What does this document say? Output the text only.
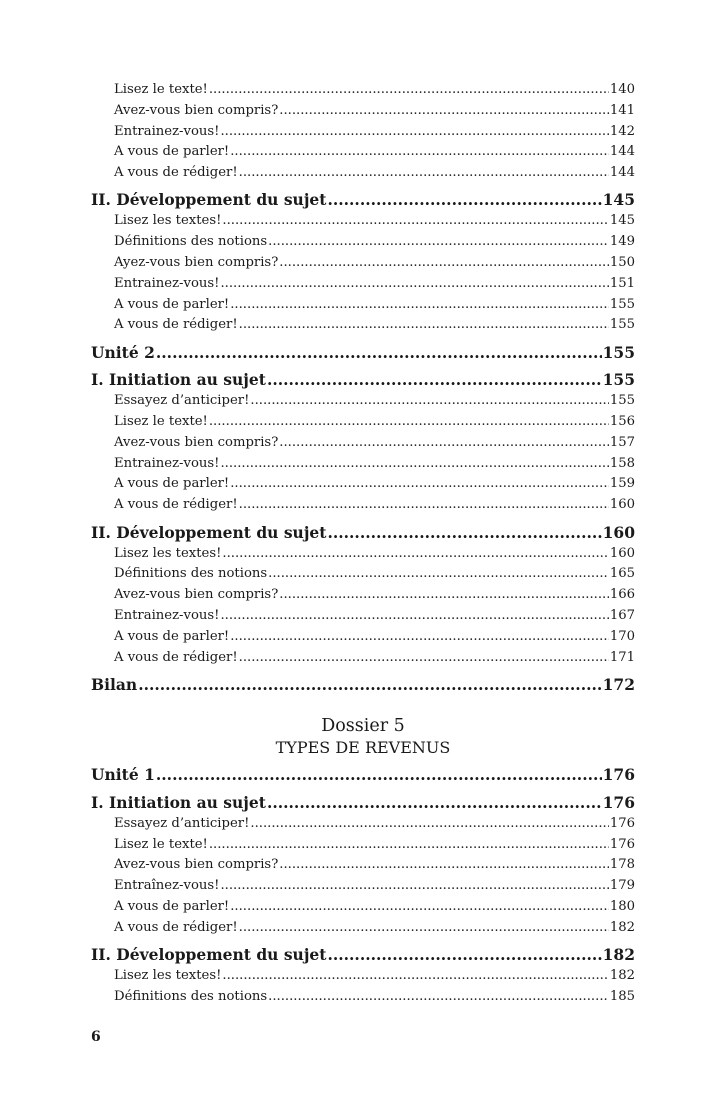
Lisez le texte! .....	140
Avez-vous bien compris? .....	141
Entrainez-vous! .....	142
A vous de parler! .....	144
A vous de rédiger! .....	144
II. Développement du sujet .....	145
Lisez les textes! .....	145
Définitions des notions .....	149
Ayez-vous bien compris? .....	150
Entrainez-vous! .....	151
A vous de parler! .....	155
A vous de rédiger! .....	155
Unité 2 .....	155
I. Initiation au sujet .....	155
Essayez d’anticiper! .....	155
Lisez le texte! .....	156
Avez-vous bien compris? .....	157
Entrainez-vous! .....	158
A vous de parler! .....	159
A vous de rédiger! .....	160
II. Développement du sujet .....	160
Lisez les textes! .....	160
Définitions des notions .....	165
Avez-vous bien compris? .....	166
Entrainez-vous! .....	167
A vous de parler! .....	170
A vous de rédiger! .....	171
Bilan .....	172
Dossier 5
TYPES DE REVENUS
Unité 1 .....	176
I. Initiation au sujet .....	176
Essayez d’anticiper! .....	176
Lisez le texte! .....	176
Avez-vous bien compris? .....	178
Entraînez-vous! .....	179
A vous de parler! .....	180
A vous de rédiger! .....	182
II. Développement du sujet .....	182
Lisez les textes! .....	182
Définitions des notions .....	185
6
